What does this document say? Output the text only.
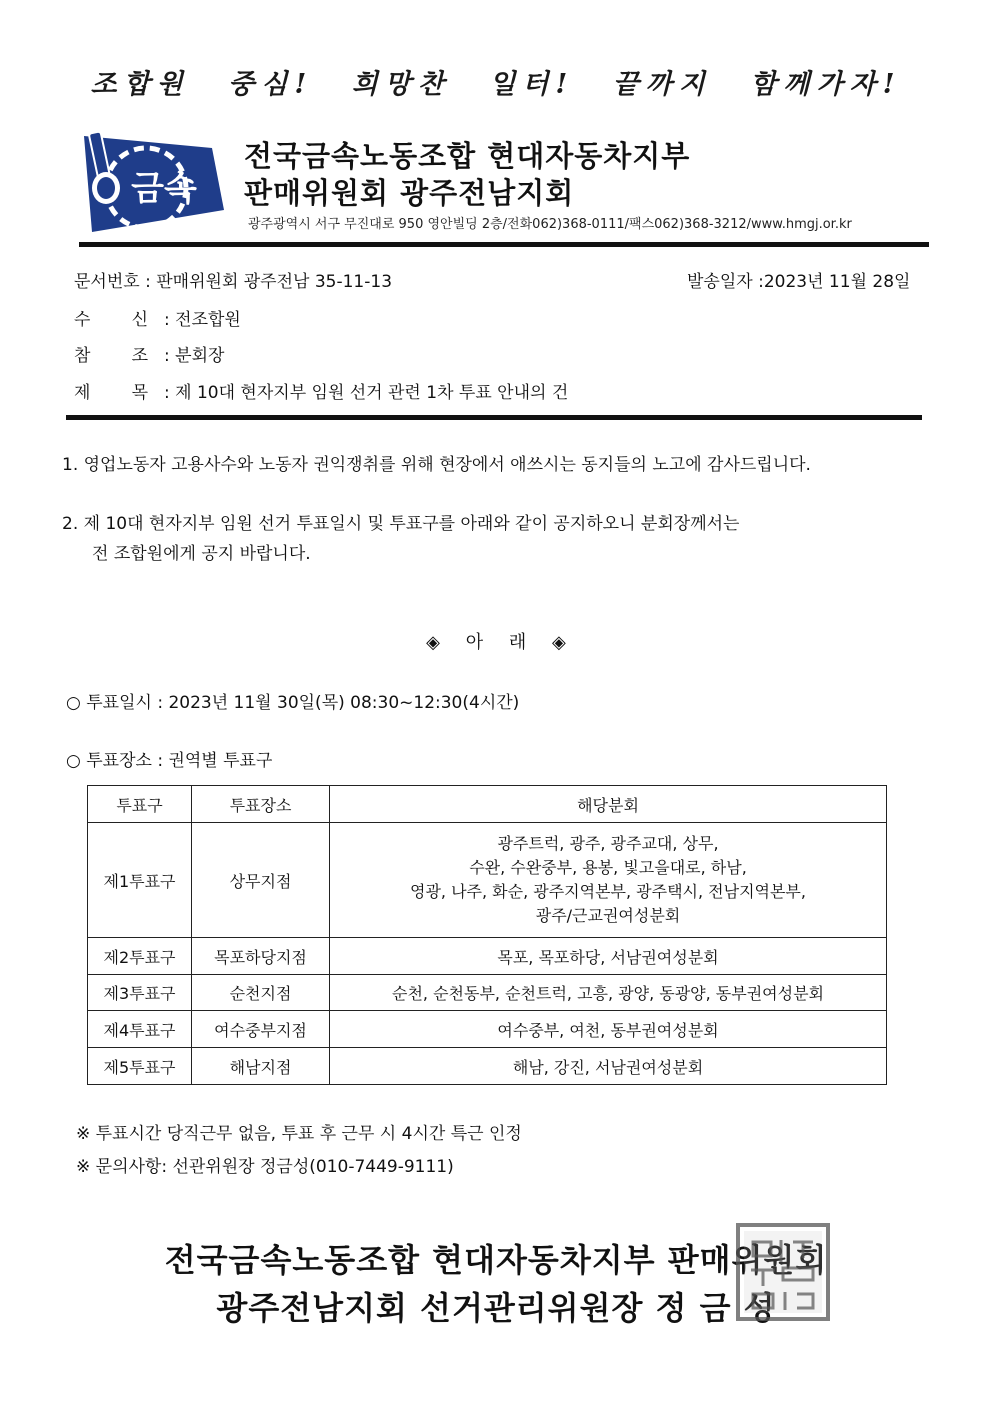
조합원 중심! 희망찬 일터! 끝까지 함께가자!
금속
전국금속노동조합 현대자동차지부
판매위원회 광주전남지회
광주광역시 서구 무진대로 950 영안빌딩 2층/전화062)368-0111/팩스062)368-3212/www.hmgj.or.kr
문서번호 : 판매위원회 광주전남 35-11-13	발송일자 :2023년 11월 28일
수 신 : 전조합원
참 조 : 분회장
제 목 : 제 10대 현자지부 임원 선거 관련 1차 투표 안내의 건
1. 영업노동자 고용사수와 노동자 권익쟁취를 위해 현장에서 애쓰시는 동지들의 노고에 감사드립니다.
2. 제 10대 현자지부 임원 선거 투표일시 및 투표구를 아래와 같이 공지하오니 분회장께서는
전 조합원에게 공지 바랍니다.
◈ 아 래 ◈
○ 투표일시 : 2023년 11월 30일(목) 08:30~12:30(4시간)
○ 투표장소 : 권역별 투표구
투표구	투표장소	해당분회
제1투표구	상무지점	광주트럭, 광주, 광주교대, 상무,
수완, 수완중부, 용봉, 빛고을대로, 하남,
영광, 나주, 화순, 광주지역본부, 광주택시, 전남지역본부,
광주/근교권여성분회

제2투표구	목포하당지점	목포, 목포하당, 서남권여성분회
제3투표구	순천지점	순천, 순천동부, 순천트럭, 고흥, 광양, 동광양, 동부권여성분회
제4투표구	여수중부지점	여수중부, 여천, 동부권여성분회
제5투표구	해남지점	해남, 강진, 서남권여성분회
※ 투표시간 당직근무 없음, 투표 후 근무 시 4시간 특근 인정
※ 문의사항: 선관위원장 정금성(010-7449-9111)
전국금속노동조합 현대자동차지부 판매위원회
광주전남지회 선거관리위원장 정 금 성
